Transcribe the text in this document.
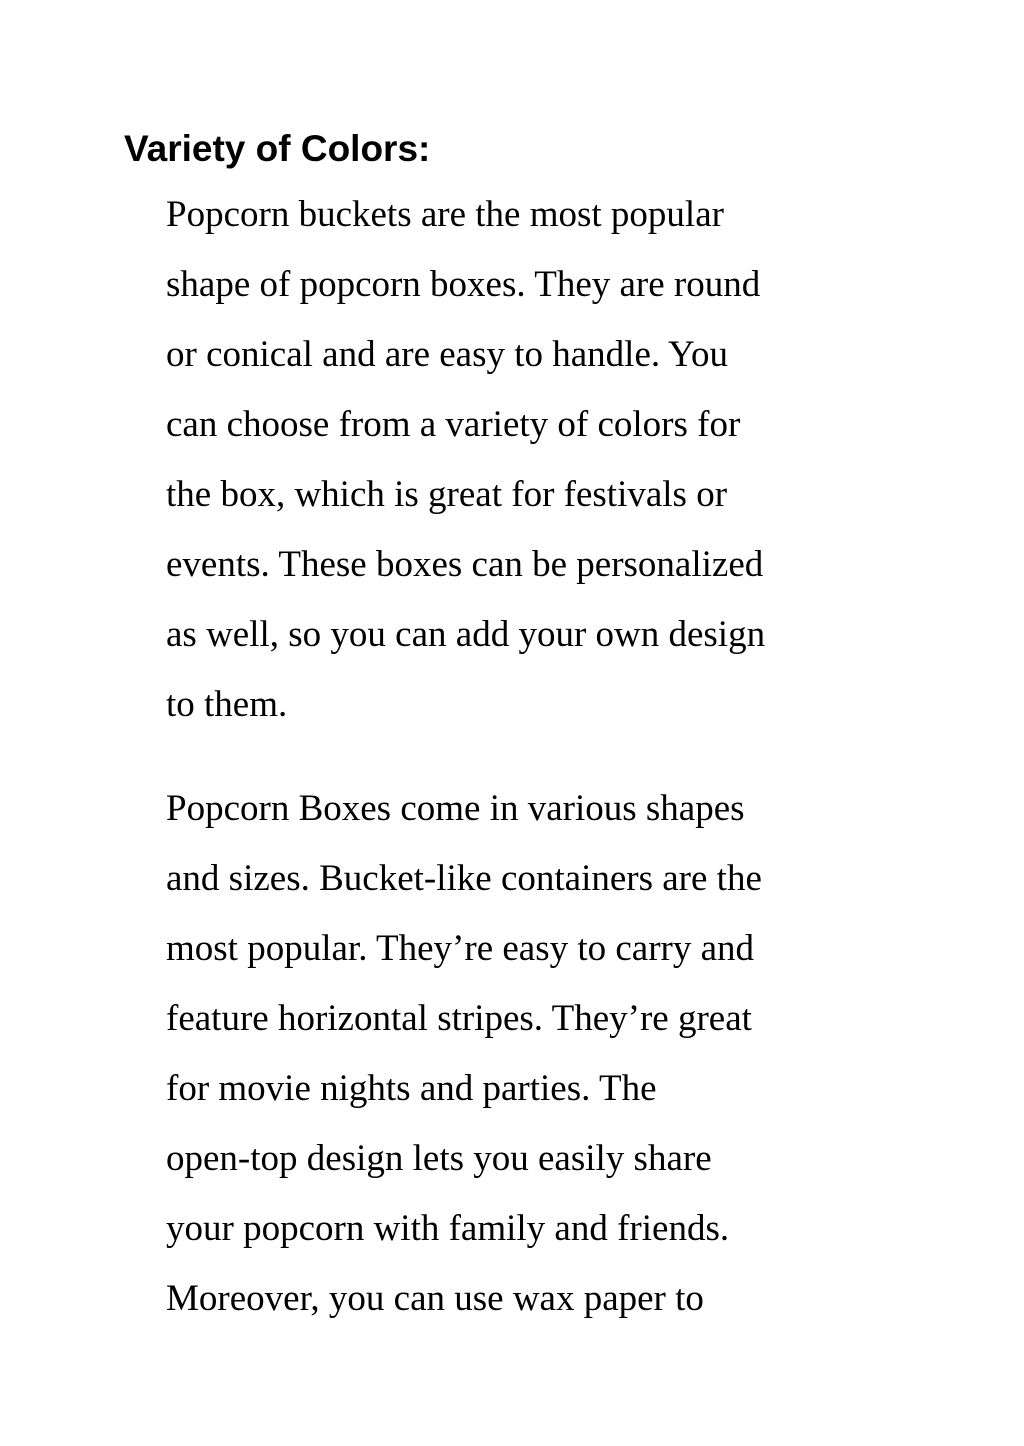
Variety of Colors:

Popcorn buckets are the most popular

shape of popcorn boxes. They are round

or conical and are easy to handle. You

can choose from a variety of colors for

the box, which is great for festivals or

events. These boxes can be personalized

as well, so you can add your own design

to them.

Popcorn Boxes come in various shapes

and sizes. Bucket-like containers are the

most popular. They’re easy to carry and

feature horizontal stripes. They’re great

for movie nights and parties. The

open-top design lets you easily share

your popcorn with family and friends.

Moreover, you can use wax paper to
